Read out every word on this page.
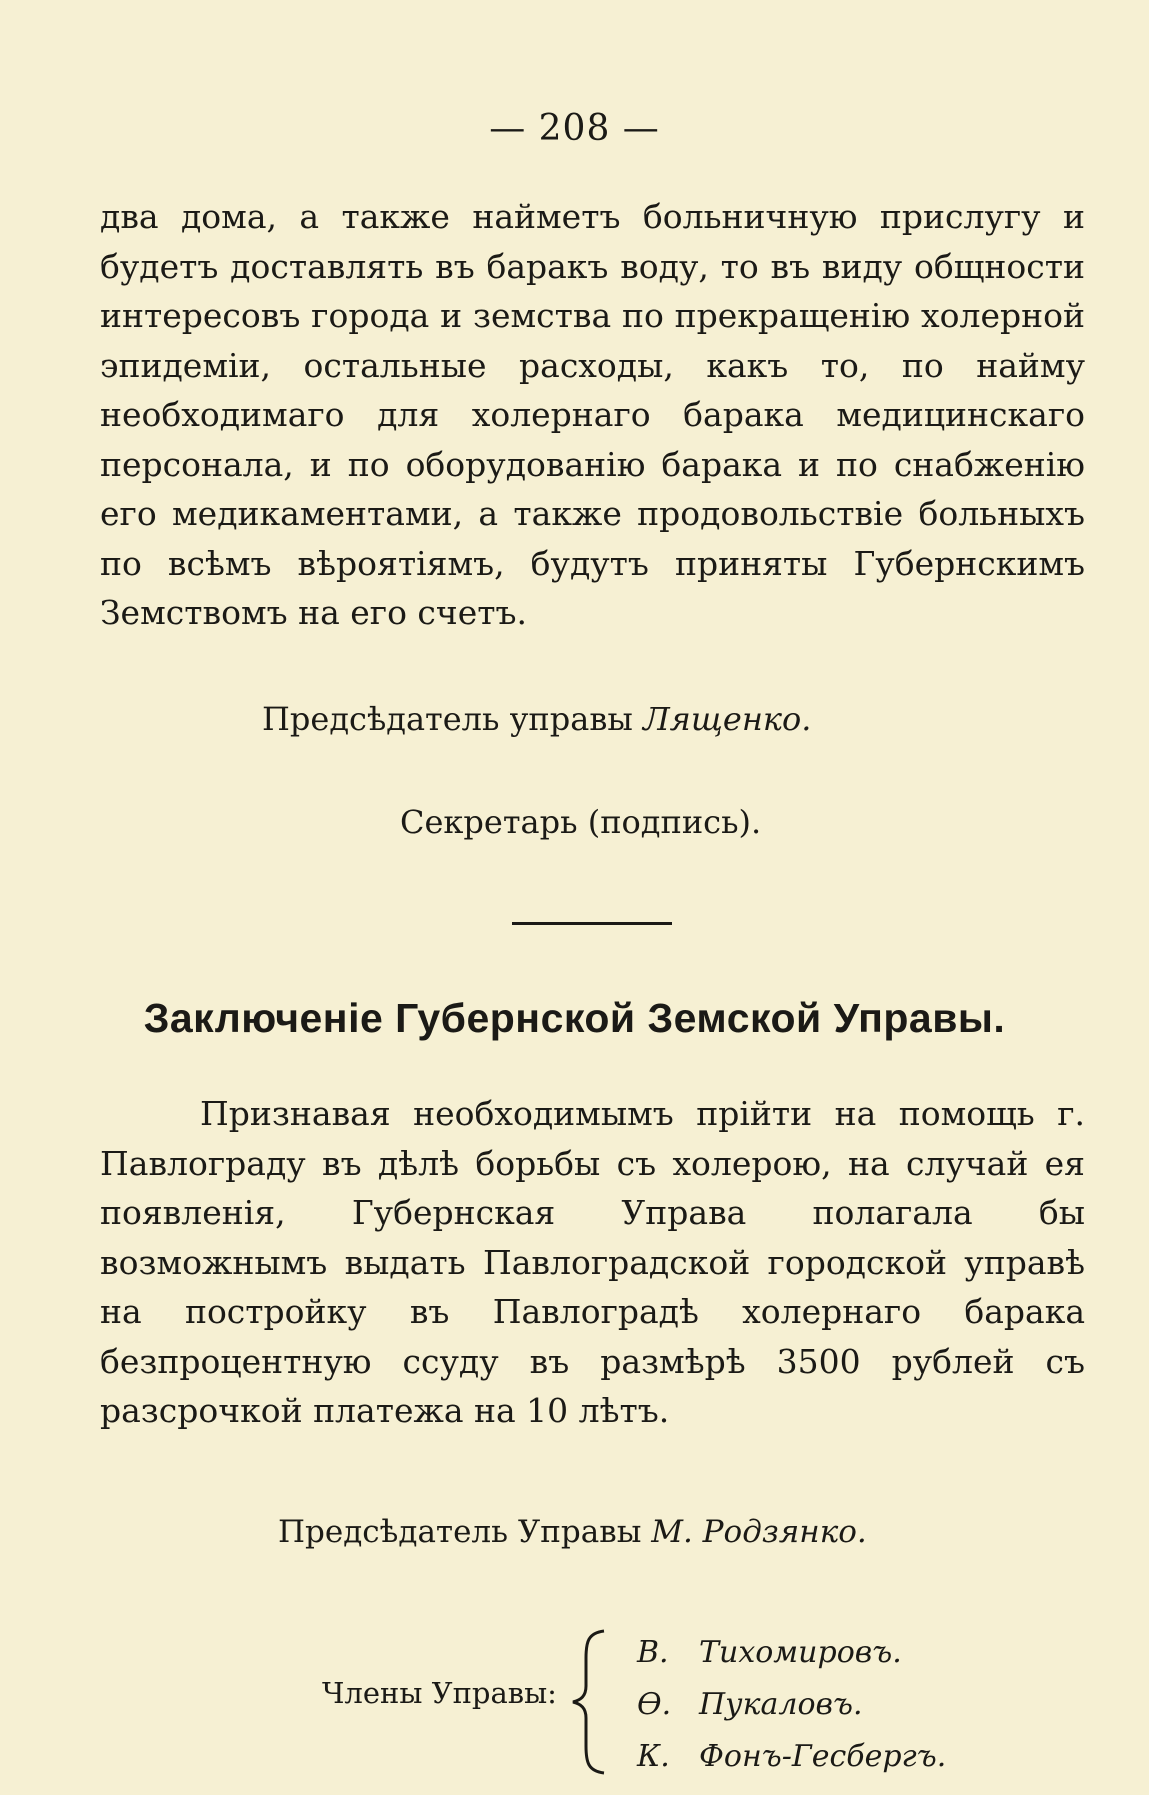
— 208 —

два дома, а также найметъ больничную прислугу и будетъ доставлять въ баракъ воду, то въ виду общности интересовъ города и земства по прекращенію холерной эпидеміи, остальные расходы, какъ то, по найму необходимаго для холернаго барака медицинскаго персонала, и по оборудованію барака и по снабженію его медикаментами, а также продовольствіе больныхъ по всѣмъ вѣроятіямъ, будутъ приняты Губернскимъ Земствомъ на его счетъ.

Предсѣдатель управы Лященко.
Секретарь (подпись).
Заключеніе Губернской Земской Управы.

Признавая необходимымъ прійти на помощь г. Павлограду въ дѣлѣ борьбы съ холерою, на случай ея появленія, Губернская Управа полагала бы возможнымъ выдать Павлоградской городской управѣ на постройку въ Павлоградѣ холернаго барака безпроцентную ссуду въ размѣрѣ 3500 рублей съ разсрочкой платежа на 10 лѣтъ.

Предсѣдатель Управы М. Родзянко.
Члены Управы:
В. Тихомировъ.
Ѳ. Пукаловъ.
К. Фонъ-Гесбергъ.
